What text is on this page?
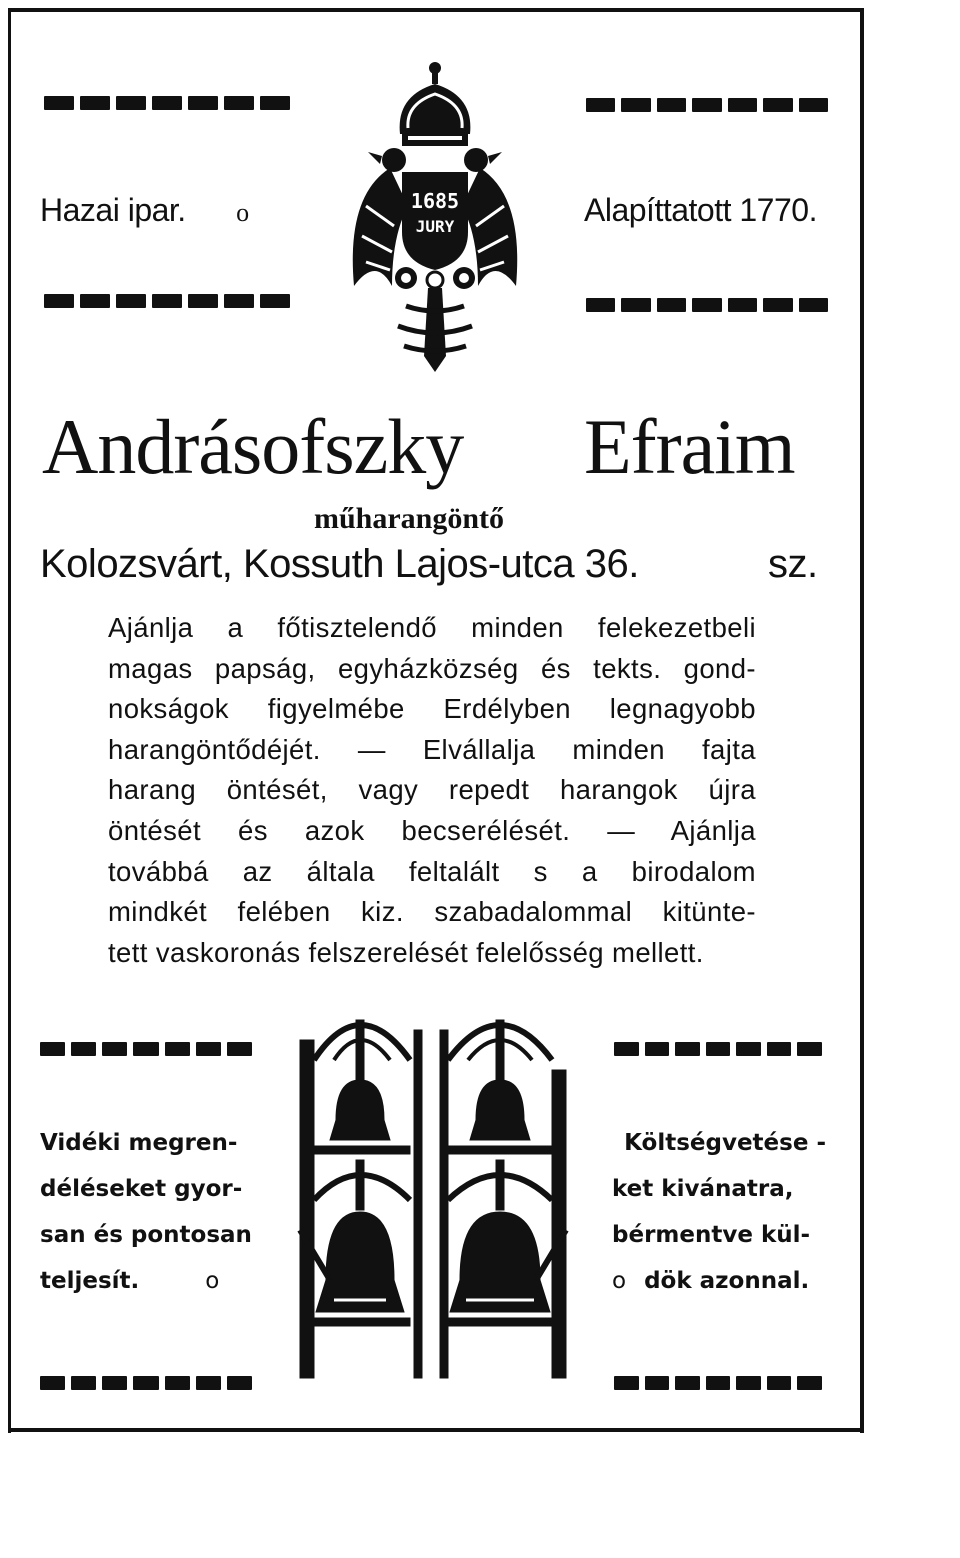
Hazai ipar. o	Alapíttatott 1770.
1685
JURY
Andrásofszky Efraim
műharangöntő
Kolozsvárt, Kossuth Lajos-utca 36.	sz.
Ajánlja a főtisztelendő minden felekezetbeli
magas papság, egyházközség és tekts. gond-
nokságok figyelmébe Erdélyben legnagyobb
harangöntődéjét. — Elvállalja minden fajta
harang öntését, vagy repedt harangok újra
öntését és azok becserélését. — Ajánlja
továbbá az általa feltalált s a birodalom
mindkét felében kiz. szabadalommal kitünte-
tett vaskoronás felszerelését felelősség mellett.
Vidéki megren-
déléseket gyor-
san és pontosan
teljesít.	o
Költségvetése -
ket kivánatra,
bérmentve kül-
o dök azonnal.
